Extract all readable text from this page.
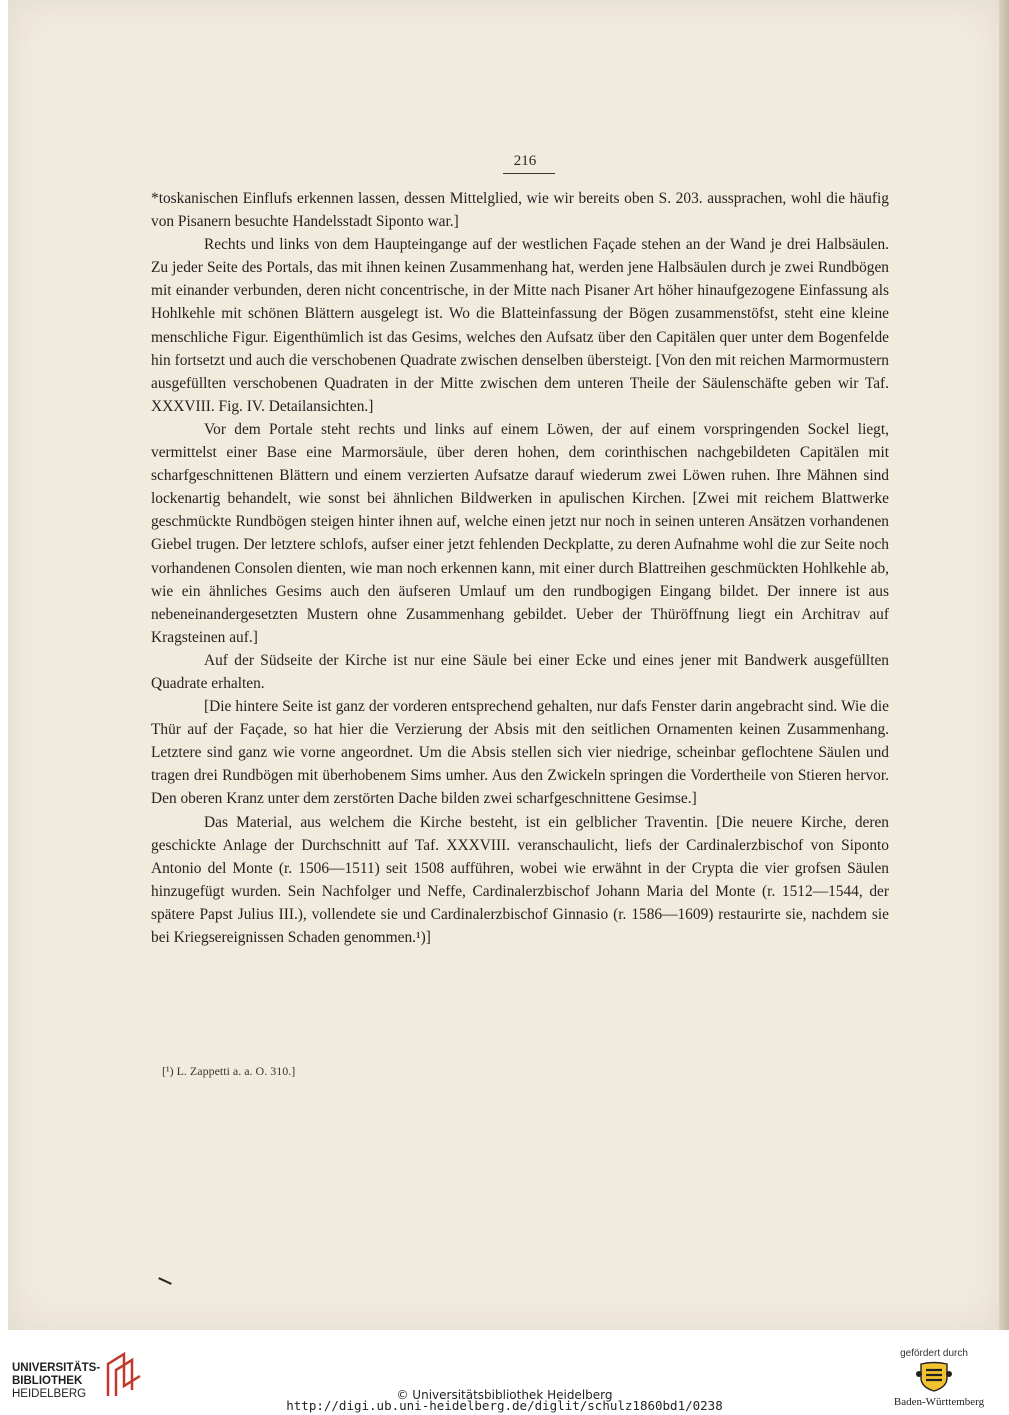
216

*toskanischen Einflufs erkennen lassen, dessen Mittelglied, wie wir bereits oben S. 203. aussprachen, wohl die häufig von Pisanern besuchte Handelsstadt Siponto war.]

Rechts und links von dem Haupteingange auf der westlichen Façade stehen an der Wand je drei Halbsäulen. Zu jeder Seite des Portals, das mit ihnen keinen Zusammenhang hat, werden jene Halbsäulen durch je zwei Rundbögen mit einander verbunden, deren nicht concentrische, in der Mitte nach Pisaner Art höher hinaufgezogene Einfassung als Hohlkehle mit schönen Blättern ausgelegt ist. Wo die Blatteinfassung der Bögen zusammenstöfst, steht eine kleine menschliche Figur. Eigenthümlich ist das Gesims, welches den Aufsatz über den Capitälen quer unter dem Bogenfelde hin fortsetzt und auch die verschobenen Quadrate zwischen denselben übersteigt. [Von den mit reichen Marmormustern ausgefüllten verschobenen Quadraten in der Mitte zwischen dem unteren Theile der Säulenschäfte geben wir Taf. XXXVIII. Fig. IV. Detailansichten.]

Vor dem Portale steht rechts und links auf einem Löwen, der auf einem vorspringenden Sockel liegt, vermittelst einer Base eine Marmorsäule, über deren hohen, dem corinthischen nachgebildeten Capitälen mit scharfgeschnittenen Blättern und einem verzierten Aufsatze darauf wiederum zwei Löwen ruhen. Ihre Mähnen sind lockenartig behandelt, wie sonst bei ähnlichen Bildwerken in apulischen Kirchen. [Zwei mit reichem Blattwerke geschmückte Rundbögen steigen hinter ihnen auf, welche einen jetzt nur noch in seinen unteren Ansätzen vorhandenen Giebel trugen. Der letztere schlofs, aufser einer jetzt fehlenden Deckplatte, zu deren Aufnahme wohl die zur Seite noch vorhandenen Consolen dienten, wie man noch erkennen kann, mit einer durch Blattreihen geschmückten Hohlkehle ab, wie ein ähnliches Gesims auch den äufseren Umlauf um den rundbogigen Eingang bildet. Der innere ist aus nebeneinandergesetzten Mustern ohne Zusammenhang gebildet. Ueber der Thüröffnung liegt ein Architrav auf Kragsteinen auf.]

Auf der Südseite der Kirche ist nur eine Säule bei einer Ecke und eines jener mit Bandwerk ausgefüllten Quadrate erhalten.

[Die hintere Seite ist ganz der vorderen entsprechend gehalten, nur dafs Fenster darin angebracht sind. Wie die Thür auf der Façade, so hat hier die Verzierung der Absis mit den seitlichen Ornamenten keinen Zusammenhang. Letztere sind ganz wie vorne angeordnet. Um die Absis stellen sich vier niedrige, scheinbar geflochtene Säulen und tragen drei Rundbögen mit überhobenem Sims umher. Aus den Zwickeln springen die Vordertheile von Stieren hervor. Den oberen Kranz unter dem zerstörten Dache bilden zwei scharfgeschnittene Gesimse.]

Das Material, aus welchem die Kirche besteht, ist ein gelblicher Traventin. [Die neuere Kirche, deren geschickte Anlage der Durchschnitt auf Taf. XXXVIII. veranschaulicht, liefs der Cardinalerzbischof von Siponto Antonio del Monte (r. 1506—1511) seit 1508 aufführen, wobei wie erwähnt in der Crypta die vier grofsen Säulen hinzugefügt wurden. Sein Nachfolger und Neffe, Cardinalerzbischof Johann Maria del Monte (r. 1512—1544, der spätere Papst Julius III.), vollendete sie und Cardinalerzbischof Ginnasio (r. 1586—1609) restaurirte sie, nachdem sie bei Kriegsereignissen Schaden genommen.¹)]

[¹) L. Zappetti a. a. O. 310.]
UNIVERSITÄTS-
BIBLIOTHEK
HEIDELBERG	© Universitätsbibliothek Heidelberg
http://digi.ub.uni-heidelberg.de/diglit/schulz1860bd1/0238
gefördert durch
Baden-Württemberg
